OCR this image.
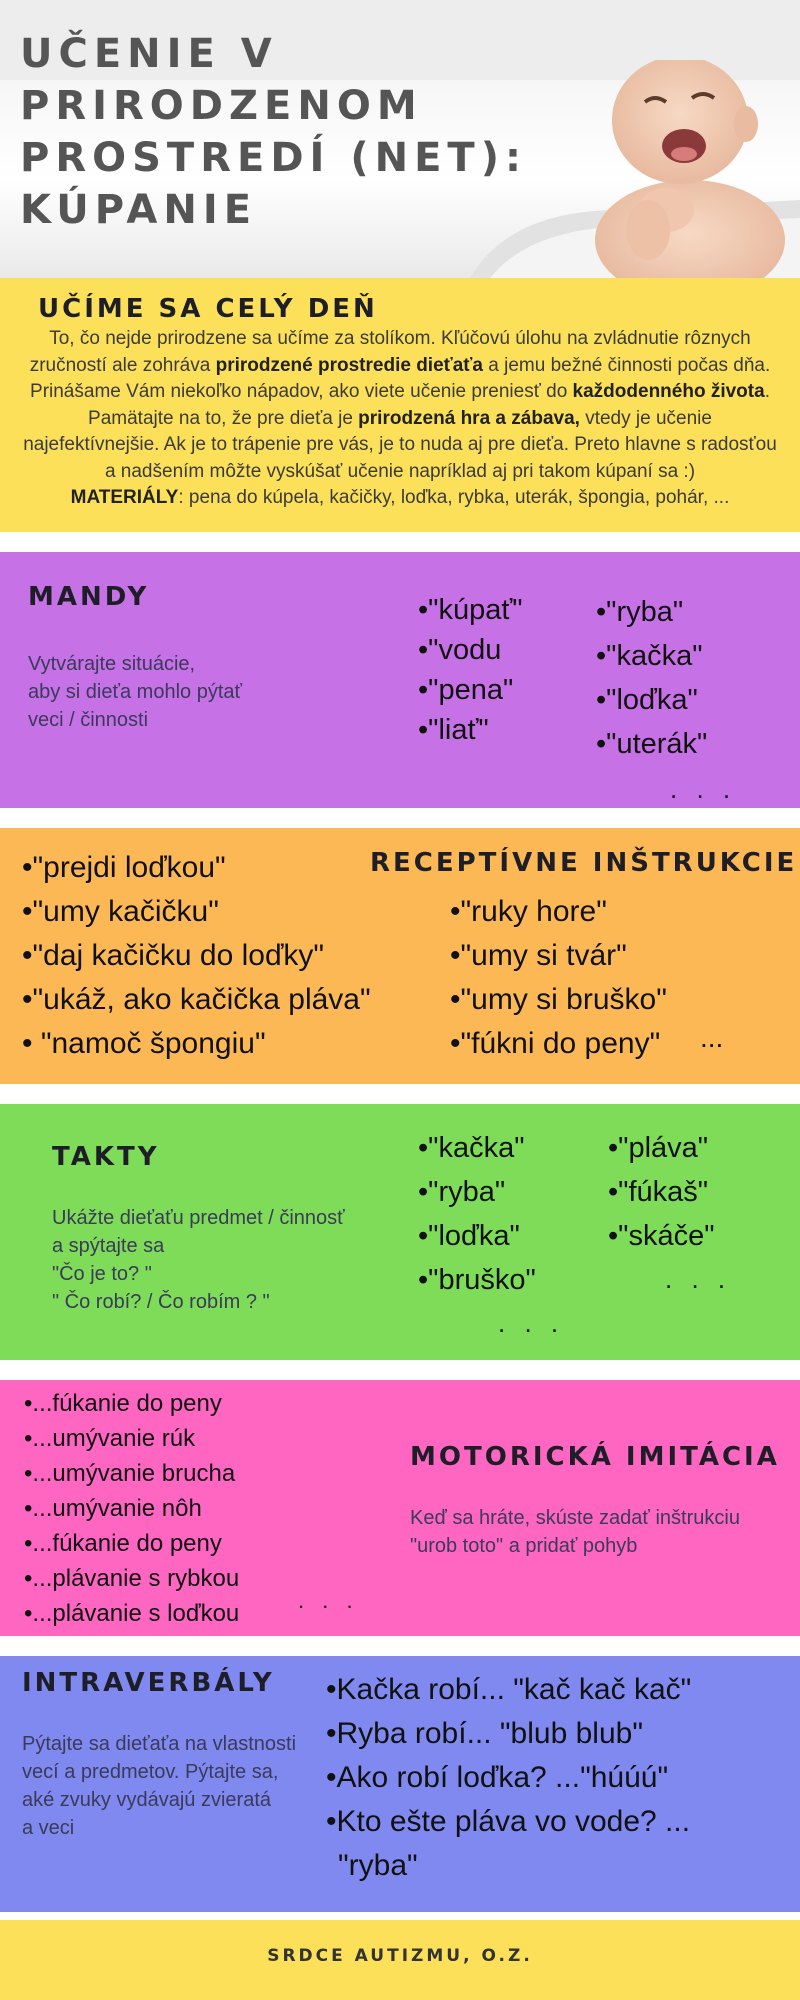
UČENIE V PRIRODZENOM
PROSTREDÍ (NET):
KÚPANIE
UČÍME SA CELÝ DEŇ

To, čo nejde prirodzene sa učíme za stolíkom. Kľúčovú úlohu na zvládnutie rôznych zručností ale zohráva prirodzené prostredie dieťaťa a jemu bežné činnosti počas dňa. Prinášame Vám niekoľko nápadov, ako viete učenie preniesť do každodenného života. Pamätajte na to, že pre dieťa je prirodzená hra a zábava, vtedy je učenie najefektívnejšie. Ak je to trápenie pre vás, je to nuda aj pre dieťa. Preto hlavne s radosťou a nadšením môžte vyskúšať učenie napríklad aj pri takom kúpaní sa :)
MATERIÁLY: pena do kúpela, kačičky, loďka, rybka, uterák, špongia, pohár, ...

MANDY
Vytvárajte situácie,
aby si dieťa mohlo pýtať
veci / činnosti
•"kúpať"
•"vodu
•"pena"
•"liať"
•"ryba"
•"kačka"
•"loďka"
•"uterák"
. . .
RECEPTÍVNE INŠTRUKCIE
•"prejdi loďkou"
•"umy kačičku"
•"daj kačičku do loďky"
•"ukáž, ako kačička pláva"
• "namoč špongiu"
•"ruky hore"
•"umy si tvár"
•"umy si bruško"
•"fúkni do peny" ...
TAKTY
Ukážte dieťaťu predmet / činnosť
a spýtajte sa
"Čo je to? "
" Čo robí? / Čo robím ? "
•"kačka"
•"ryba"
•"loďka"
•"bruško"
•"pláva"
•"fúkaš"
•"skáče"
. . .
. . .
•...fúkanie do peny
•...umývanie rúk
•...umývanie brucha
•...umývanie nôh
•...fúkanie do peny
•...plávanie s rybkou
•...plávanie s loďkou	. . .
MOTORICKÁ IMITÁCIA
Keď sa hráte, skúste zadať inštrukciu
"urob toto" a pridať pohyb
INTRAVERBÁLY
Pýtajte sa dieťaťa na vlastnosti
vecí a predmetov. Pýtajte sa,
aké zvuky vydávajú zvieratá
a veci
•Kačka robí... "kač kač kač"
•Ryba robí... "blub blub"
•Ako robí loďka? ..."húúú"
•Kto ešte pláva vo vode? ...
"ryba"
SRDCE AUTIZMU, O.Z.
